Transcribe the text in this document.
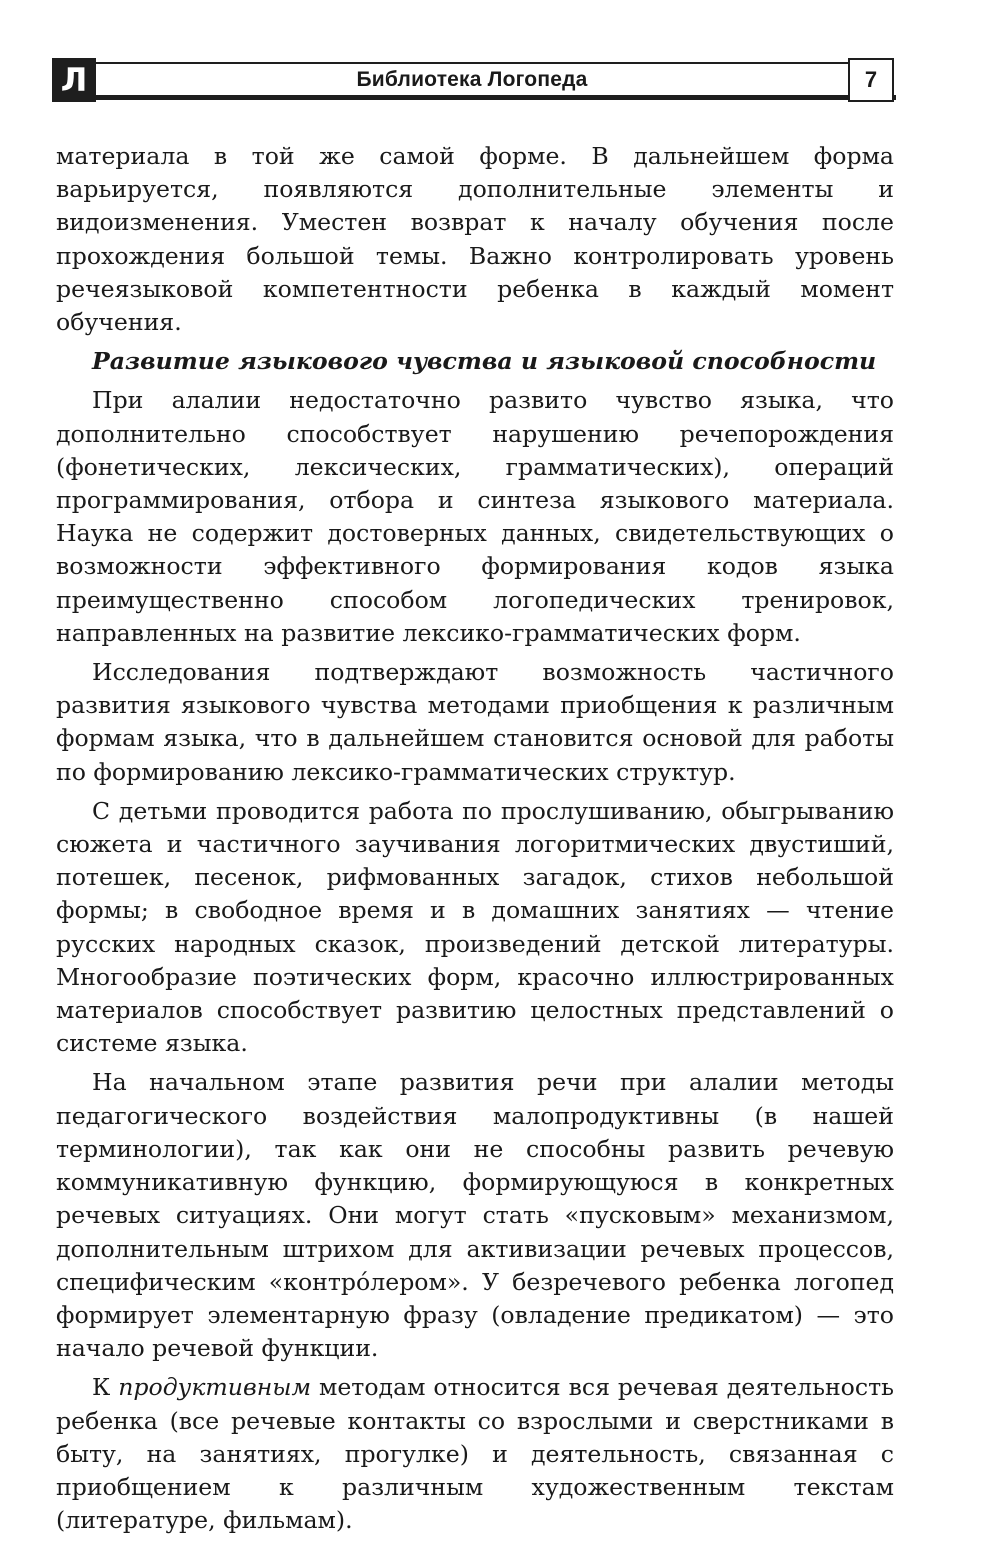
Л	Библиотека Логопеда	7

материала в той же самой форме. В дальнейшем форма варьируется, появляются дополнительные элементы и видоизменения. Уместен возврат к началу обучения после прохождения большой темы. Важно контролировать уровень речеязыковой компетентности ребенка в каждый момент обучения.

Развитие языкового чувства и языковой способности

При алалии недостаточно развито чувство языка, что дополнительно способствует нарушению речепорождения (фонетических, лексических, грамматических), операций программирования, отбора и синтеза языкового материала. Наука не содержит достоверных данных, свидетельствующих о возможности эффективного формирования кодов языка преимущественно способом логопедических тренировок, направленных на развитие лексико-грамматических форм.

Исследования подтверждают возможность частичного развития языкового чувства методами приобщения к различным формам языка, что в дальнейшем становится основой для работы по формированию лексико-грамматических структур.

С детьми проводится работа по прослушиванию, обыгрыванию сюжета и частичного заучивания логоритмических двустиший, потешек, песенок, рифмованных загадок, стихов небольшой формы; в свободное время и в домашних занятиях — чтение русских народных сказок, произведений детской литературы. Многообразие поэтических форм, красочно иллюстрированных материалов способствует развитию целостных представлений о системе языка.

На начальном этапе развития речи при алалии методы педагогического воздействия малопродуктивны (в нашей терминологии), так как они не способны развить речевую коммуникативную функцию, формирующуюся в конкретных речевых ситуациях. Они могут стать «пусковым» механизмом, дополнительным штрихом для активизации речевых процессов, специфическим «контро́лером». У безречевого ребенка логопед формирует элементарную фразу (овладение предикатом) — это начало речевой функции.

К продуктивным методам относится вся речевая деятельность ребенка (все речевые контакты со взрослыми и сверстниками в быту, на занятиях, прогулке) и деятельность, связанная с приобщением к различным художественным текстам (литературе, фильмам).
